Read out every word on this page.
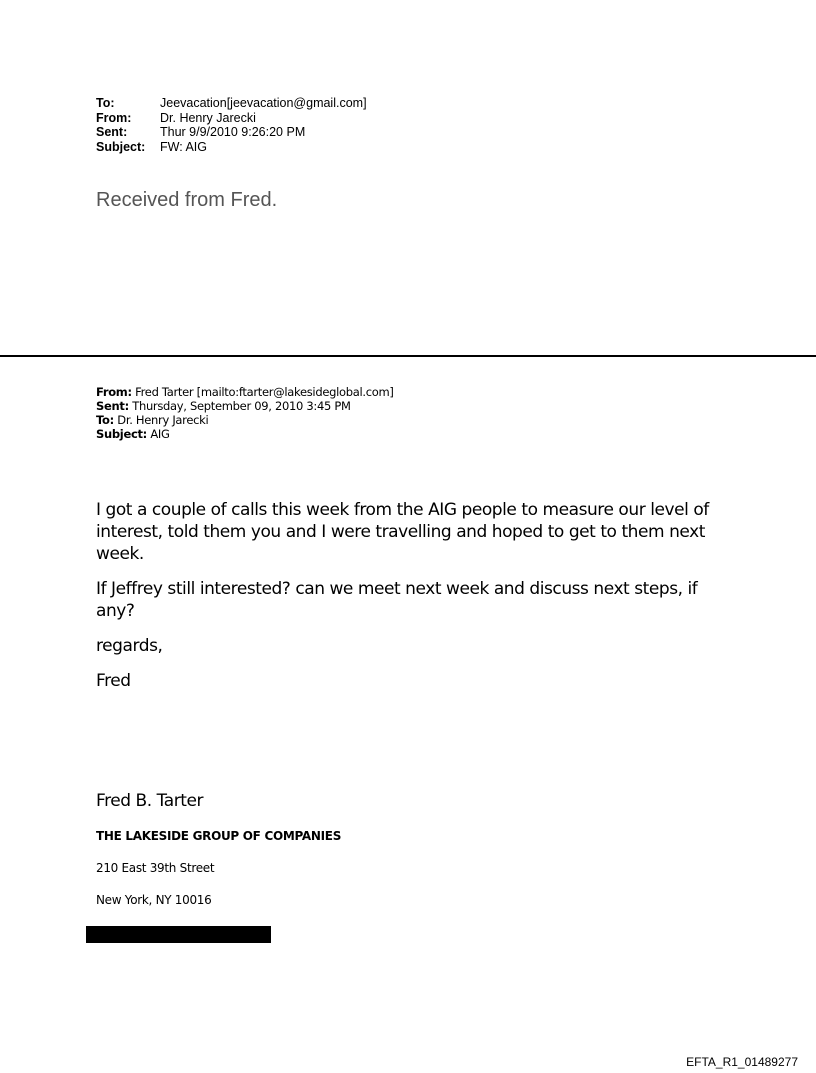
To:	Jeevacation[jeevacation@gmail.com]
From:	Dr. Henry Jarecki
Sent:	Thur 9/9/2010 9:26:20 PM
Subject:	FW: AIG
Received from Fred.
From: Fred Tarter [mailto:ftarter@lakesideglobal.com]
Sent: Thursday, September 09, 2010 3:45 PM
To: Dr. Henry Jarecki
Subject: AIG

I got a couple of calls this week from the AIG people to measure our level of interest, told them you and I were travelling and hoped to get to them next week.

If Jeffrey still interested? can we meet next week and discuss next steps, if any?

regards,

Fred

Fred B. Tarter
THE LAKESIDE GROUP OF COMPANIES
210 East 39th Street
New York, NY 10016
EFTA_R1_01489277
